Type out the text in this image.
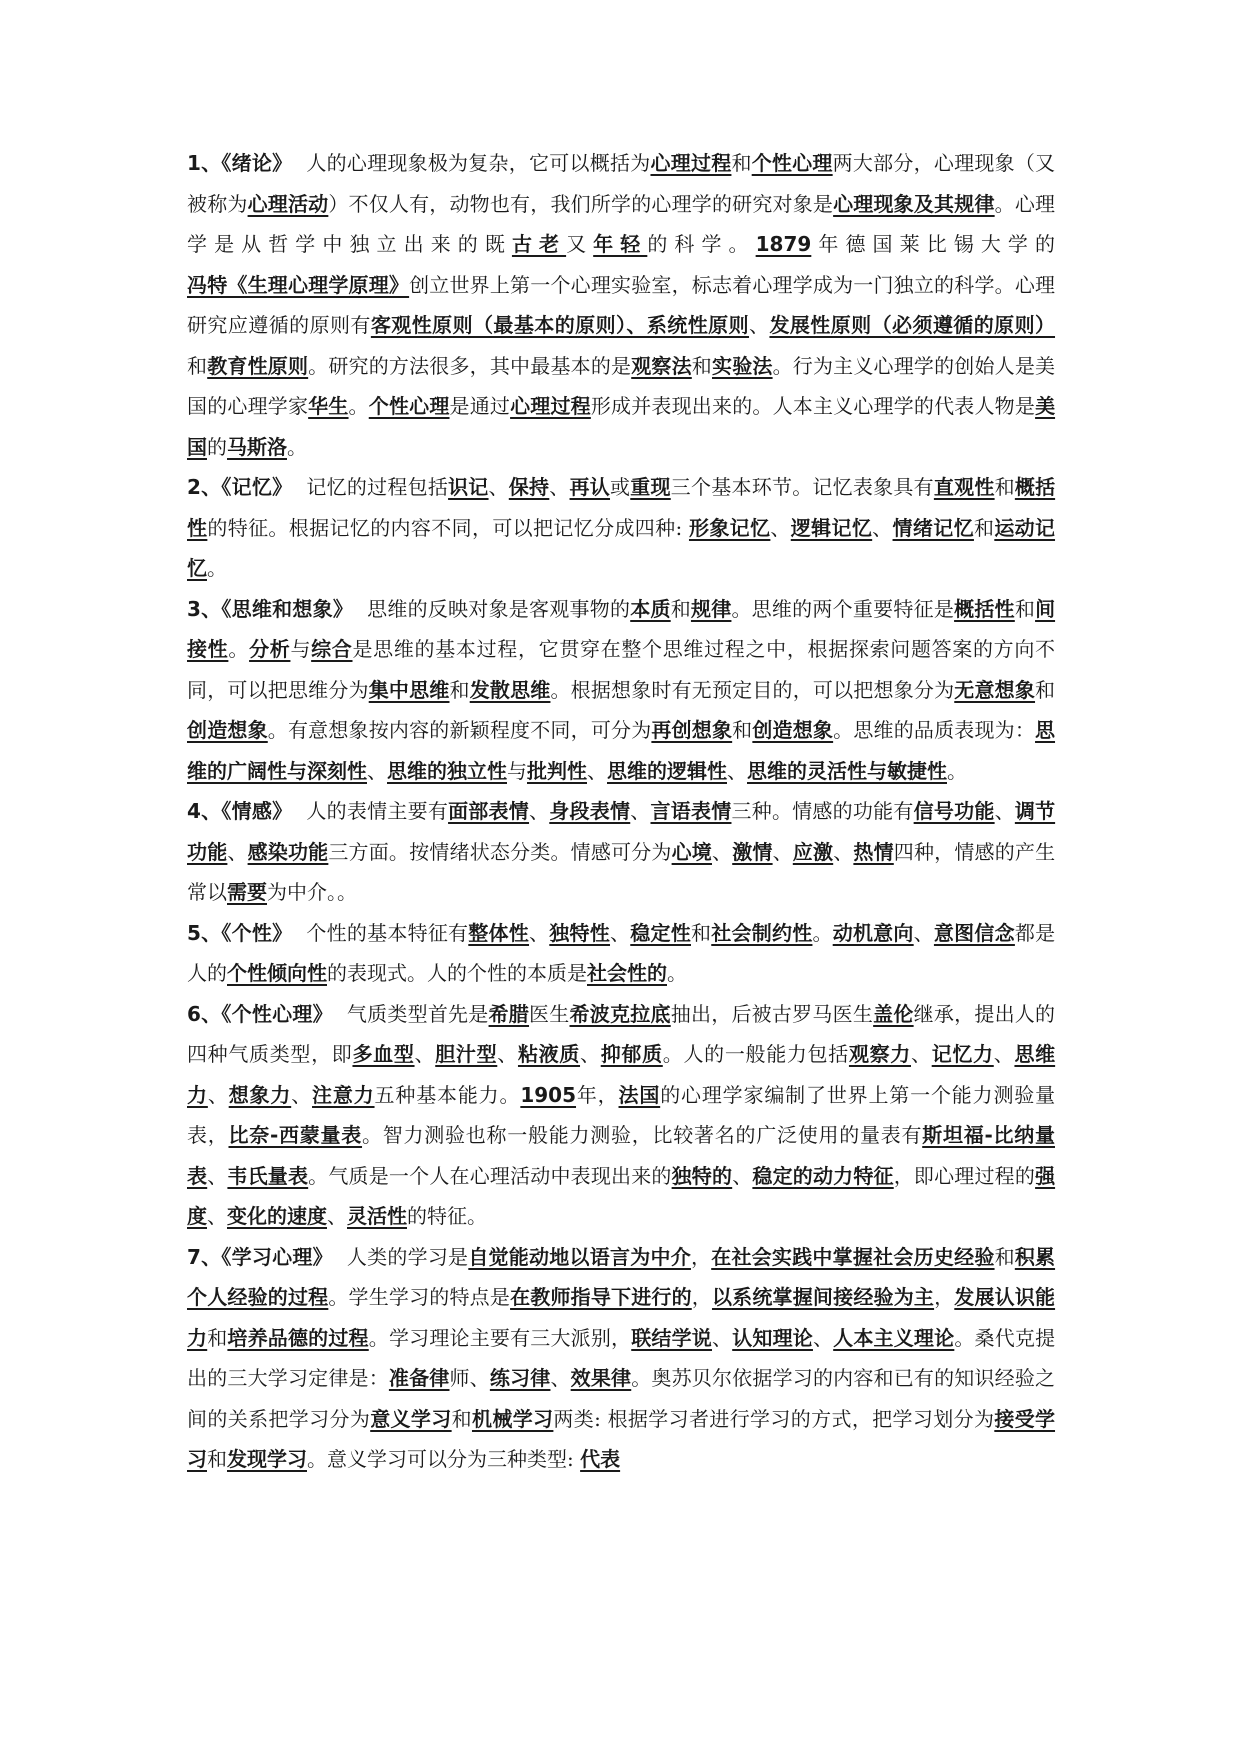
1、《绪论》 人的心理现象极为复杂，它可以概括为心理过程和个性心理两大部分，心理现象（又被称为心理活动）不仅人有，动物也有，我们所学的心理学的研究对象是心理现象及其规律。心理学是从哲学中独立出来的既古老又年轻的科学。1879年德国莱比锡大学的冯特《生理心理学原理》创立世界上第一个心理实验室，标志着心理学成为一门独立的科学。心理研究应遵循的原则有客观性原则（最基本的原则）、系统性原则、发展性原则（必须遵循的原则）和教育性原则。研究的方法很多，其中最基本的是观察法和实验法。行为主义心理学的创始人是美国的心理学家华生。个性心理是通过心理过程形成并表现出来的。人本主义心理学的代表人物是美国的马斯洛。

2、《记忆》 记忆的过程包括识记、保持、再认或重现三个基本环节。记忆表象具有直观性和概括性的特征。根据记忆的内容不同，可以把记忆分成四种: 形象记忆、逻辑记忆、情绪记忆和运动记忆。

3、《思维和想象》 思维的反映对象是客观事物的本质和规律。思维的两个重要特征是概括性和间接性。分析与综合是思维的基本过程，它贯穿在整个思维过程之中，根据探索问题答案的方向不同，可以把思维分为集中思维和发散思维。根据想象时有无预定目的，可以把想象分为无意想象和创造想象。有意想象按内容的新颖程度不同，可分为再创想象和创造想象。思维的品质表现为：思维的广阔性与深刻性、思维的独立性与批判性、思维的逻辑性、思维的灵活性与敏捷性。

4、《情感》 人的表情主要有面部表情、身段表情、言语表情三种。情感的功能有信号功能、调节功能、感染功能三方面。按情绪状态分类。情感可分为心境、激情、应激、热情四种，情感的产生常以需要为中介。。

5、《个性》 个性的基本特征有整体性、独特性、稳定性和社会制约性。动机意向、意图信念都是人的个性倾向性的表现式。人的个性的本质是社会性的。

6、《个性心理》 气质类型首先是希腊医生希波克拉底抽出，后被古罗马医生盖伦继承，提出人的四种气质类型，即多血型、胆汁型、粘液质、抑郁质。人的一般能力包括观察力、记忆力、思维力、想象力、注意力五种基本能力。1905年，法国的心理学家编制了世界上第一个能力测验量表，比奈-西蒙量表。智力测验也称一般能力测验，比较著名的广泛使用的量表有斯坦福-比纳量表、韦氏量表。气质是一个人在心理活动中表现出来的独特的、稳定的动力特征，即心理过程的强度、变化的速度、灵活性的特征。

7、《学习心理》 人类的学习是自觉能动地以语言为中介，在社会实践中掌握社会历史经验和积累个人经验的过程。学生学习的特点是在教师指导下进行的，以系统掌握间接经验为主，发展认识能力和培养品德的过程。学习理论主要有三大派别，联结学说、认知理论、人本主义理论。桑代克提出的三大学习定律是：准备律师、练习律、效果律。奥苏贝尔依据学习的内容和已有的知识经验之间的关系把学习分为意义学习和机械学习两类: 根据学习者进行学习的方式，把学习划分为接受学习和发现学习。意义学习可以分为三种类型: 代表
